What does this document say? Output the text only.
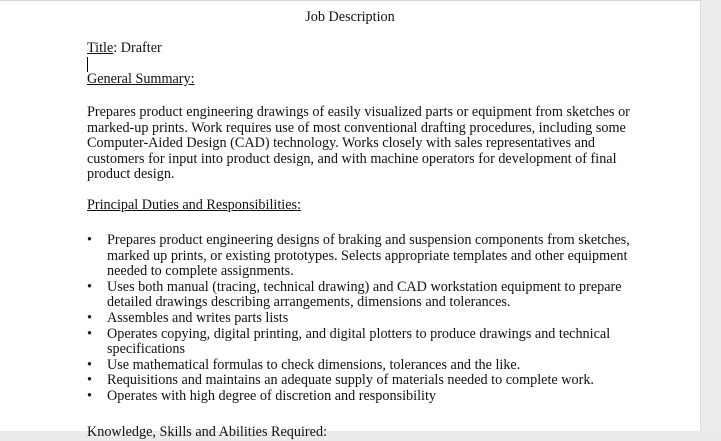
Job Description
Title: Drafter
General Summary:
Prepares product engineering drawings of easily visualized parts or equipment from sketches or
marked-up prints. Work requires use of most conventional drafting procedures, including some
Computer-Aided Design (CAD) technology. Works closely with sales representatives and
customers for input into product design, and with machine operators for development of final
product design.
Principal Duties and Responsibilities:
• Prepares product engineering designs of braking and suspension components from sketches,
marked up prints, or existing prototypes. Selects appropriate templates and other equipment
needed to complete assignments.
• Uses both manual (tracing, technical drawing) and CAD workstation equipment to prepare
detailed drawings describing arrangements, dimensions and tolerances.
• Assembles and writes parts lists
• Operates copying, digital printing, and digital plotters to produce drawings and technical
specifications
• Use mathematical formulas to check dimensions, tolerances and the like.
• Requisitions and maintains an adequate supply of materials needed to complete work.
• Operates with high degree of discretion and responsibility
Knowledge, Skills and Abilities Required:
